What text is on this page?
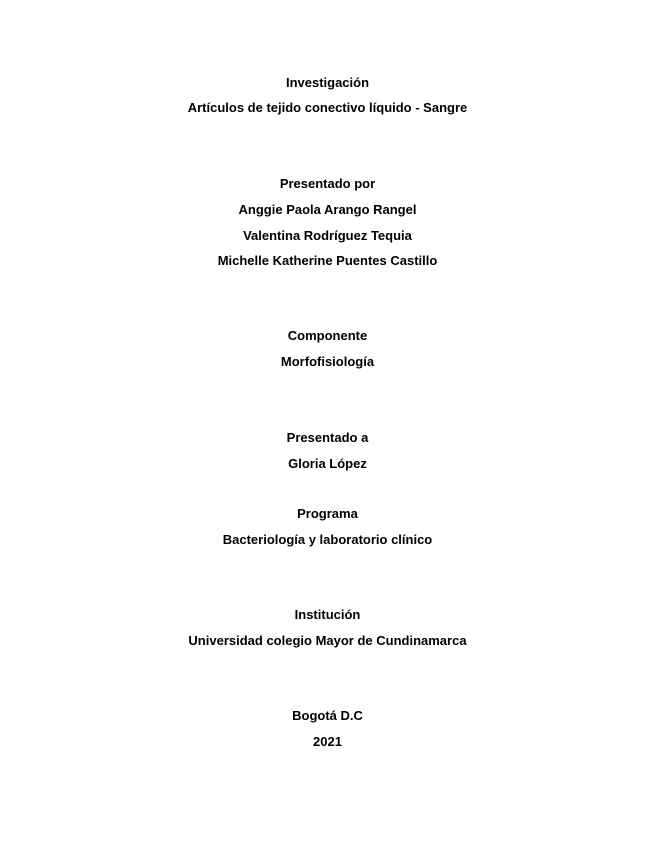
Investigación
Artículos de tejido conectivo líquido - Sangre
Presentado por
Anggie Paola Arango Rangel
Valentina Rodríguez Tequia
Michelle Katherine Puentes Castillo
Componente
Morfofisiología
Presentado a
Gloria López
Programa
Bacteriología y laboratorio clínico
Institución
Universidad colegio Mayor de Cundinamarca
Bogotá D.C
2021
